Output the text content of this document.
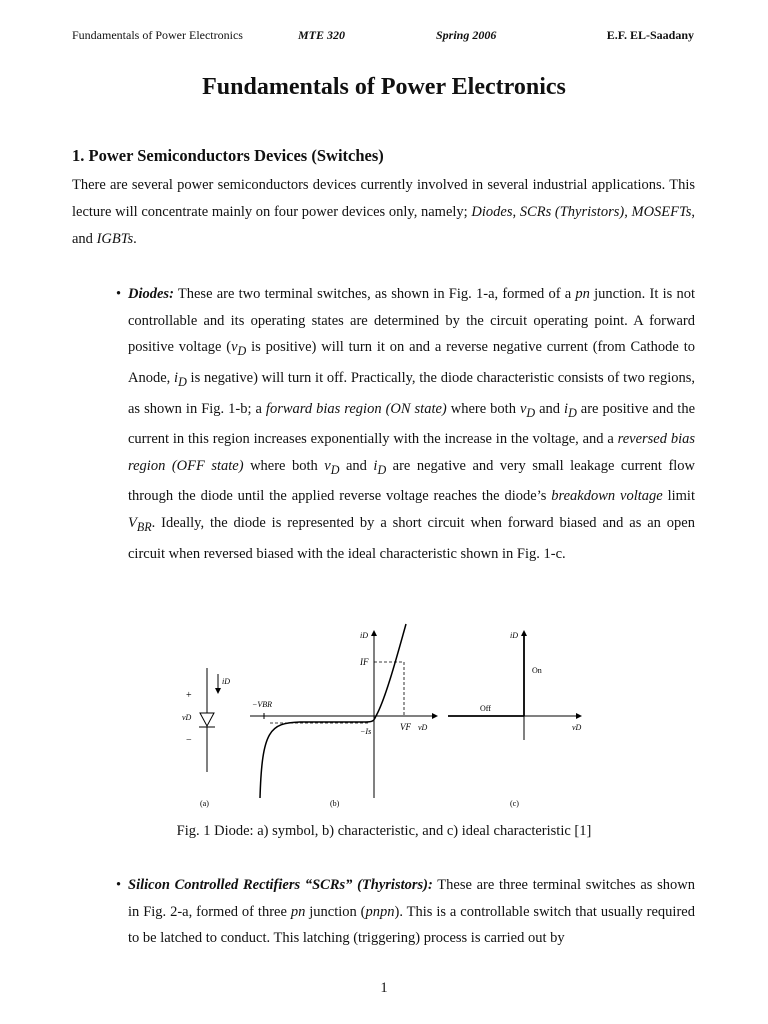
Fundamentals of Power Electronics	MTE 320	Spring 2006	E.F. EL-Saadany
Fundamentals of Power Electronics
1. Power Semiconductors Devices (Switches)
There are several power semiconductors devices currently involved in several industrial applications. This lecture will concentrate mainly on four power devices only, namely; Diodes, SCRs (Thyristors), MOSEFTs, and IGBTs.
• Diodes: These are two terminal switches, as shown in Fig. 1-a, formed of a pn junction. It is not controllable and its operating states are determined by the circuit operating point. A forward positive voltage ($v_D$ is positive) will turn it on and a reverse negative current (from Cathode to Anode, $i_D$ is negative) will turn it off. Practically, the diode characteristic consists of two regions, as shown in Fig. 1-b; a forward bias region (ON state) where both $v_D$ and $i_D$ are positive and the current in this region increases exponentially with the increase in the voltage, and a reversed bias region (OFF state) where both $v_D$ and $i_D$ are negative and very small leakage current flow through the diode until the applied reverse voltage reaches the diode’s breakdown voltage limit $V_{BR}$. Ideally, the diode is represented by a short circuit when forward biased and as an open circuit when reversed biased with the ideal characteristic shown in Fig. 1-c.
+
−
vD
iD
(a)
iD
IF
−VBR
−Is	VF vD
(b)
iD
On
Off
vD
(c)
Fig. 1 Diode: a) symbol, b) characteristic, and c) ideal characteristic [1]
• Silicon Controlled Rectifiers “SCRs” (Thyristors): These are three terminal switches as shown in Fig. 2-a, formed of three pn junction (pnpn). This is a controllable switch that usually required to be latched to conduct. This latching (triggering) process is carried out by
1
